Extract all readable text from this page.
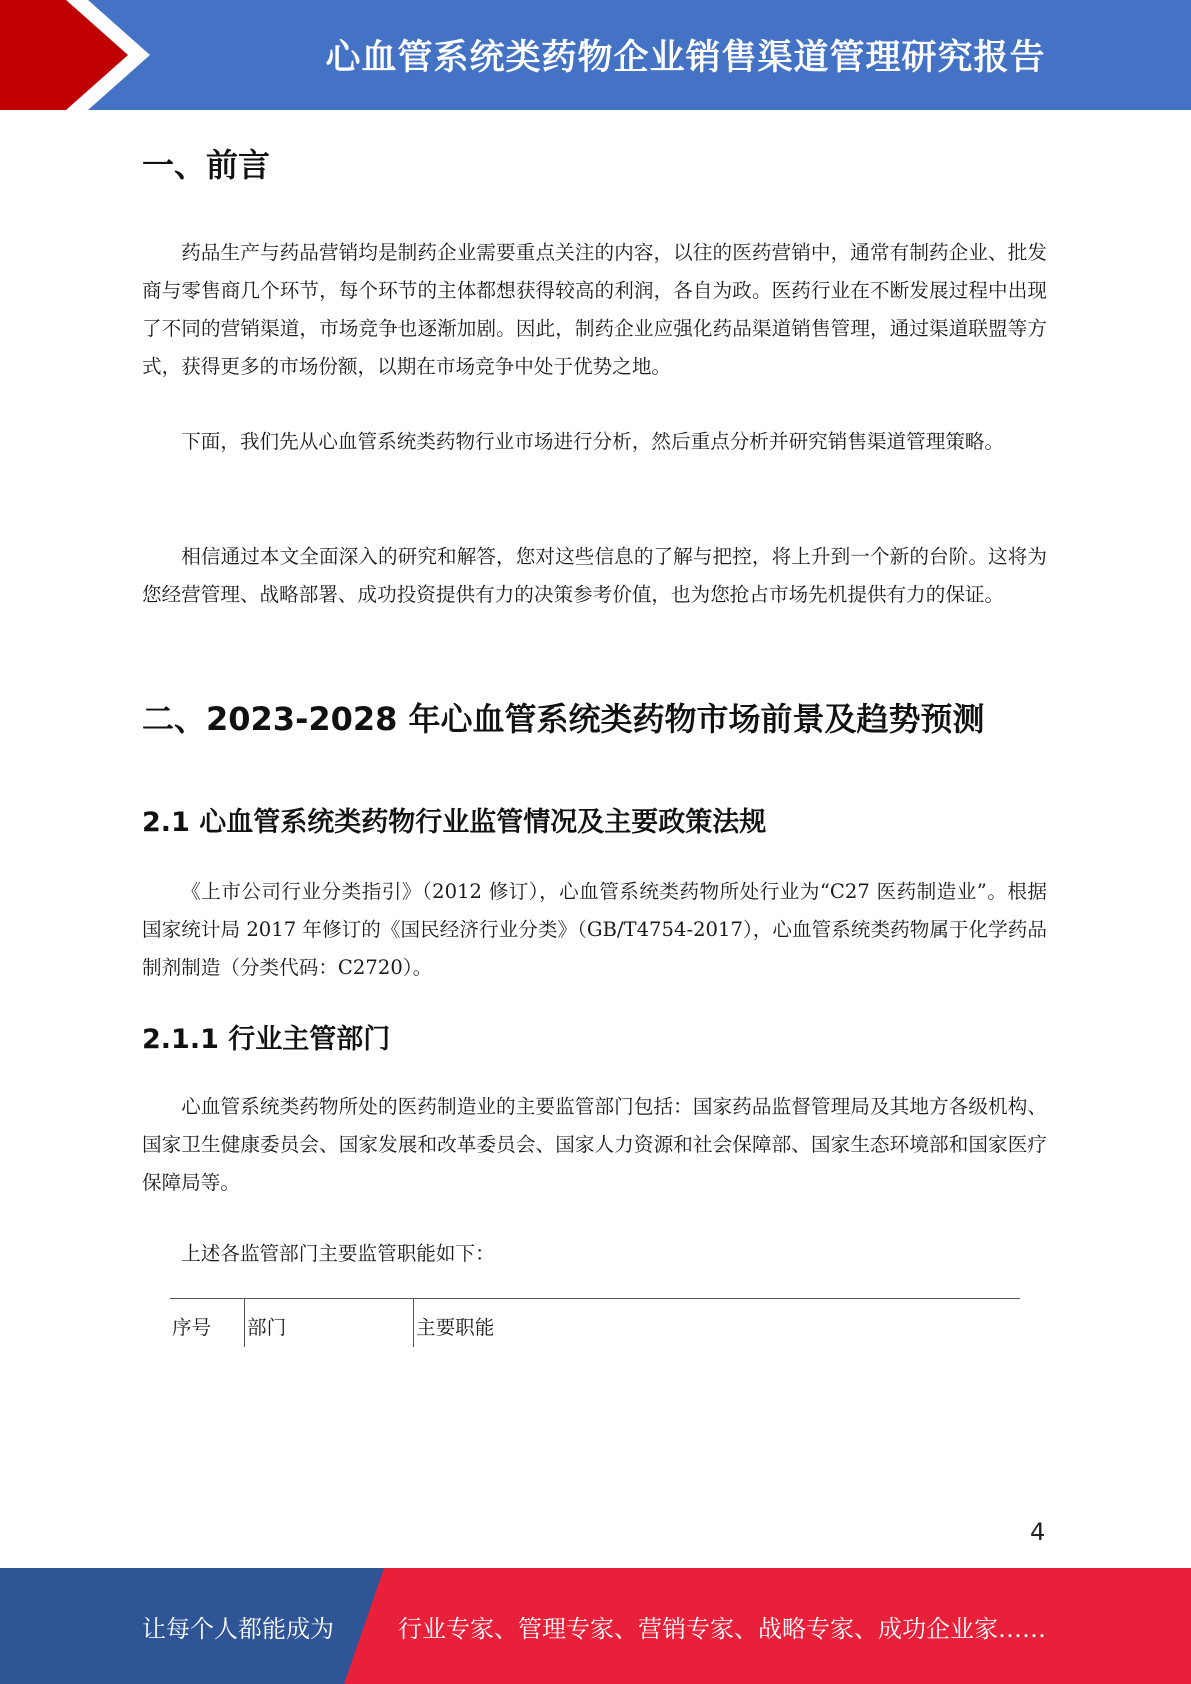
心血管系统类药物企业销售渠道管理研究报告
一、前言

药品生产与药品营销均是制药企业需要重点关注的内容，以往的医药营销中，通常有制药企业、批发商与零售商几个环节，每个环节的主体都想获得较高的利润，各自为政。医药行业在不断发展过程中出现了不同的营销渠道，市场竞争也逐渐加剧。因此，制药企业应强化药品渠道销售管理，通过渠道联盟等方式，获得更多的市场份额，以期在市场竞争中处于优势之地。

下面，我们先从心血管系统类药物行业市场进行分析，然后重点分析并研究销售渠道管理策略。

相信通过本文全面深入的研究和解答，您对这些信息的了解与把控，将上升到一个新的台阶。这将为您经营管理、战略部署、成功投资提供有力的决策参考价值，也为您抢占市场先机提供有力的保证。

二、2023-2028 年心血管系统类药物市场前景及趋势预测
2.1 心血管系统类药物行业监管情况及主要政策法规

《上市公司行业分类指引》（2012 修订），心血管系统类药物所处行业为“C27 医药制造业”。根据国家统计局 2017 年修订的《国民经济行业分类》（GB/T4754-2017），心血管系统类药物属于化学药品制剂制造（分类代码：C2720）。

2.1.1 行业主管部门

心血管系统类药物所处的医药制造业的主要监管部门包括：国家药品监督管理局及其地方各级机构、国家卫生健康委员会、国家发展和改革委员会、国家人力资源和社会保障部、国家生态环境部和国家医疗保障局等。

上述各监管部门主要监管职能如下：

序号 部门	主要职能
4
让每个人都能成为	行业专家、管理专家、营销专家、战略专家、成功企业家……
